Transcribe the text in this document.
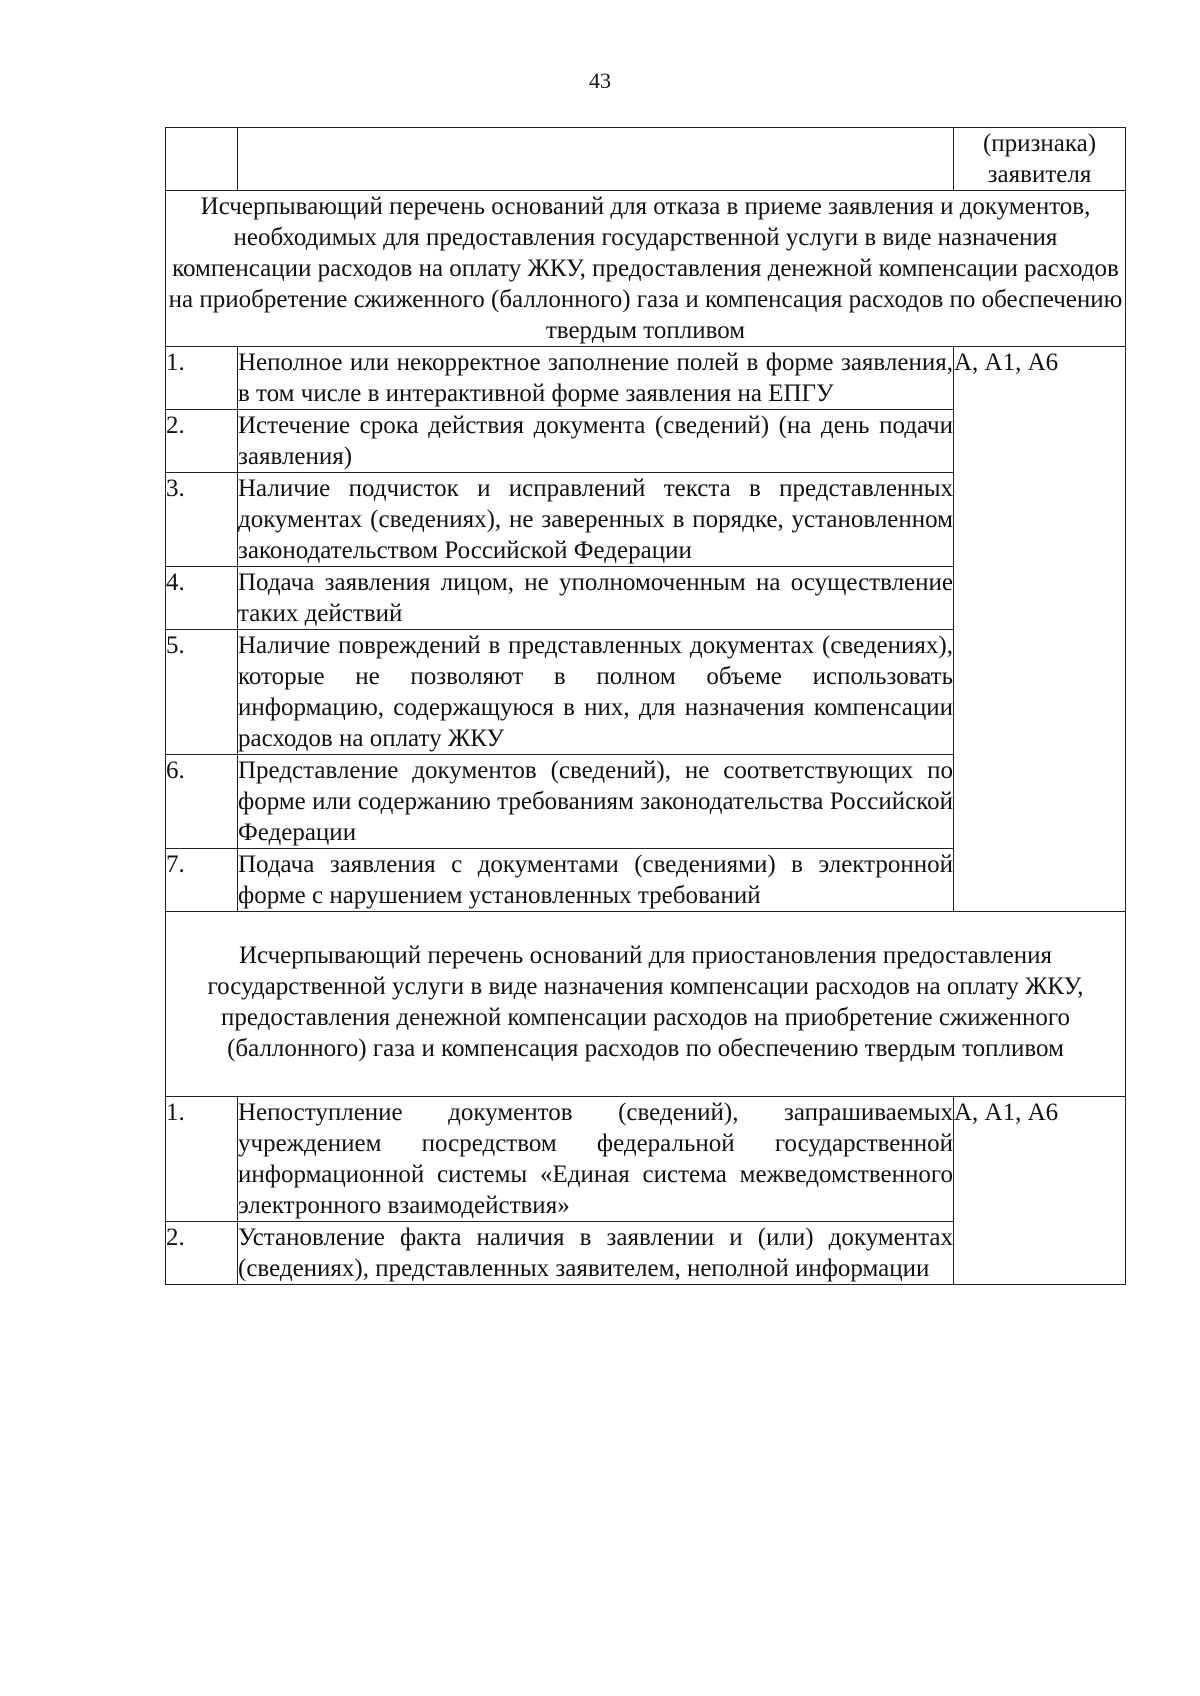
43
		(признака) заявителя

Исчерпывающий перечень оснований для отказа в приеме заявления и документов, необходимых для предоставления государственной услуги в виде назначения компенсации расходов на оплату ЖКУ, предоставления денежной компенсации расходов на приобретение сжиженного (баллонного) газа и компенсация расходов по обеспечению твердым топливом		

1.	Неполное или некорректное заполнение полей в форме заявления, в том числе в интерактивной форме заявления на ЕПГУ	А, А1, А6
2.	Истечение срока действия документа (сведений) (на день подачи заявления)	
3.	Наличие подчисток и исправлений текста в представленных документах (сведениях), не заверенных в порядке, установленном законодательством Российской Федерации	
4.	Подача заявления лицом, не уполномоченным на осуществление таких действий	
5.	Наличие повреждений в представленных документах (сведениях), которые не позволяют в полном объеме использовать информацию, содержащуюся в них, для назначения компенсации расходов на оплату ЖКУ	
6.	Представление документов (сведений), не соответствующих по форме или содержанию требованиям законодательства Российской Федерации	
7.	Подача заявления с документами (сведениями) в электронной форме с нарушением установленных требований	

Исчерпывающий перечень оснований для приостановления предоставления государственной услуги в виде назначения компенсации расходов на оплату ЖКУ, предоставления денежной компенсации расходов на приобретение сжиженного (баллонного) газа и компенсация расходов по обеспечению твердым топливом		

1.	Непоступление документов (сведений), запрашиваемых учреждением посредством федеральной государственной информационной системы «Единая система межведомственного электронного взаимодействия»	А, А1, А6
2.	Установление факта наличия в заявлении и (или) документах (сведениях), представленных заявителем, неполной информации	
